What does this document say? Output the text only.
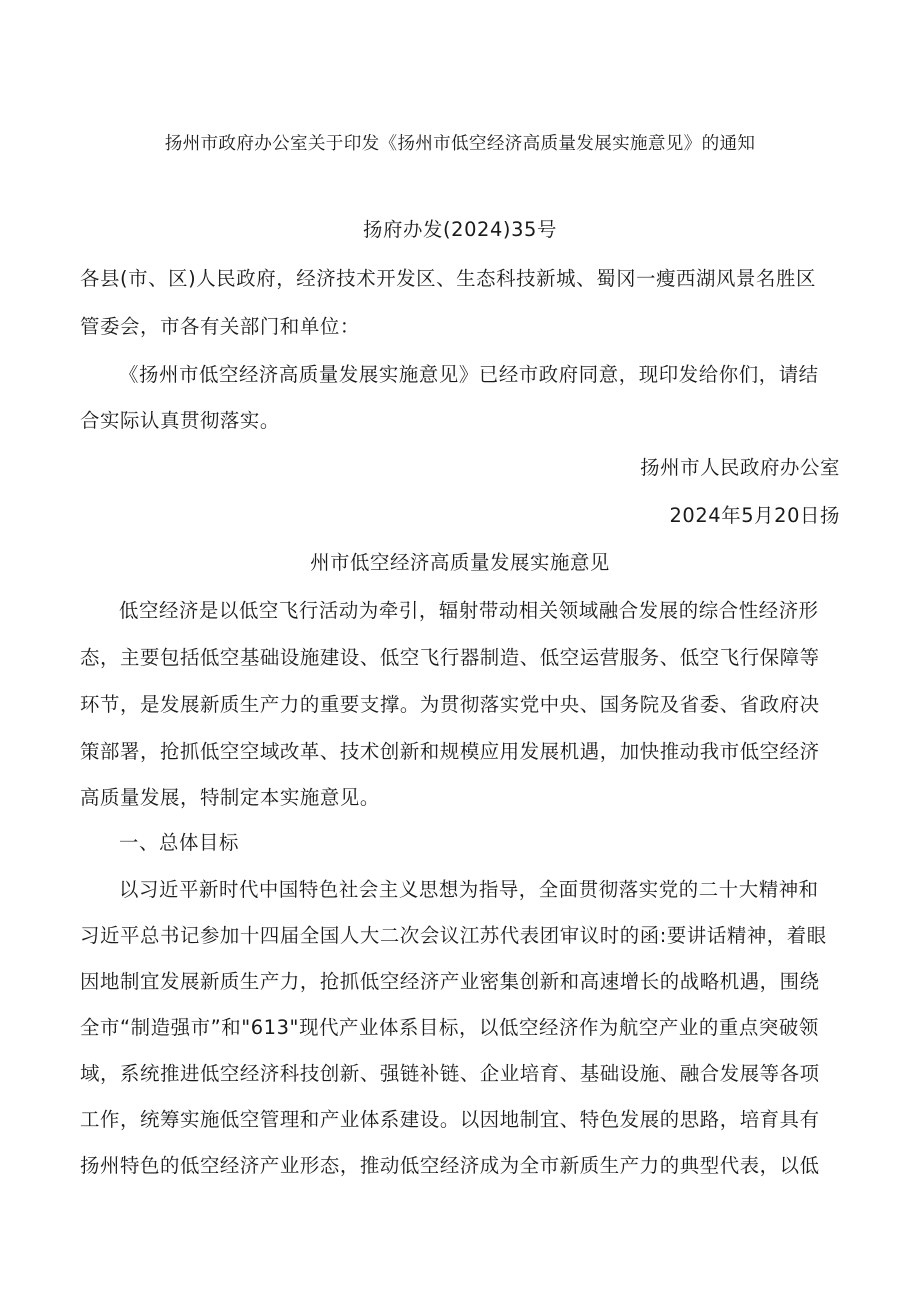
扬州市政府办公室关于印发《扬州市低空经济高质量发展实施意见》的通知

扬府办发(2024)35号

各县(市、区)人民政府，经济技术开发区、生态科技新城、蜀冈一瘦西湖风景名胜区

管委会，市各有关部门和单位：

《扬州市低空经济高质量发展实施意见》已经市政府同意，现印发给你们，请结

合实际认真贯彻落实。

扬州市人民政府办公室

2024年5月20日扬

州市低空经济高质量发展实施意见

低空经济是以低空飞行活动为牵引，辐射带动相关领域融合发展的综合性经济形

态，主要包括低空基础设施建设、低空飞行器制造、低空运营服务、低空飞行保障等

环节，是发展新质生产力的重要支撑。为贯彻落实党中央、国务院及省委、省政府决

策部署，抢抓低空空域改革、技术创新和规模应用发展机遇，加快推动我市低空经济

高质量发展，特制定本实施意见。

一、总体目标

以习近平新时代中国特色社会主义思想为指导，全面贯彻落实党的二十大精神和

习近平总书记参加十四届全国人大二次会议江苏代表团审议时的函:要讲话精神，着眼

因地制宜发展新质生产力，抢抓低空经济产业密集创新和高速增长的战略机遇，围绕

全市“制造强市”和"613"现代产业体系目标，以低空经济作为航空产业的重点突破领

域，系统推进低空经济科技创新、强链补链、企业培育、基础设施、融合发展等各项

工作，统筹实施低空管理和产业体系建设。以因地制宜、特色发展的思路，培育具有

扬州特色的低空经济产业形态，推动低空经济成为全市新质生产力的典型代表，以低
